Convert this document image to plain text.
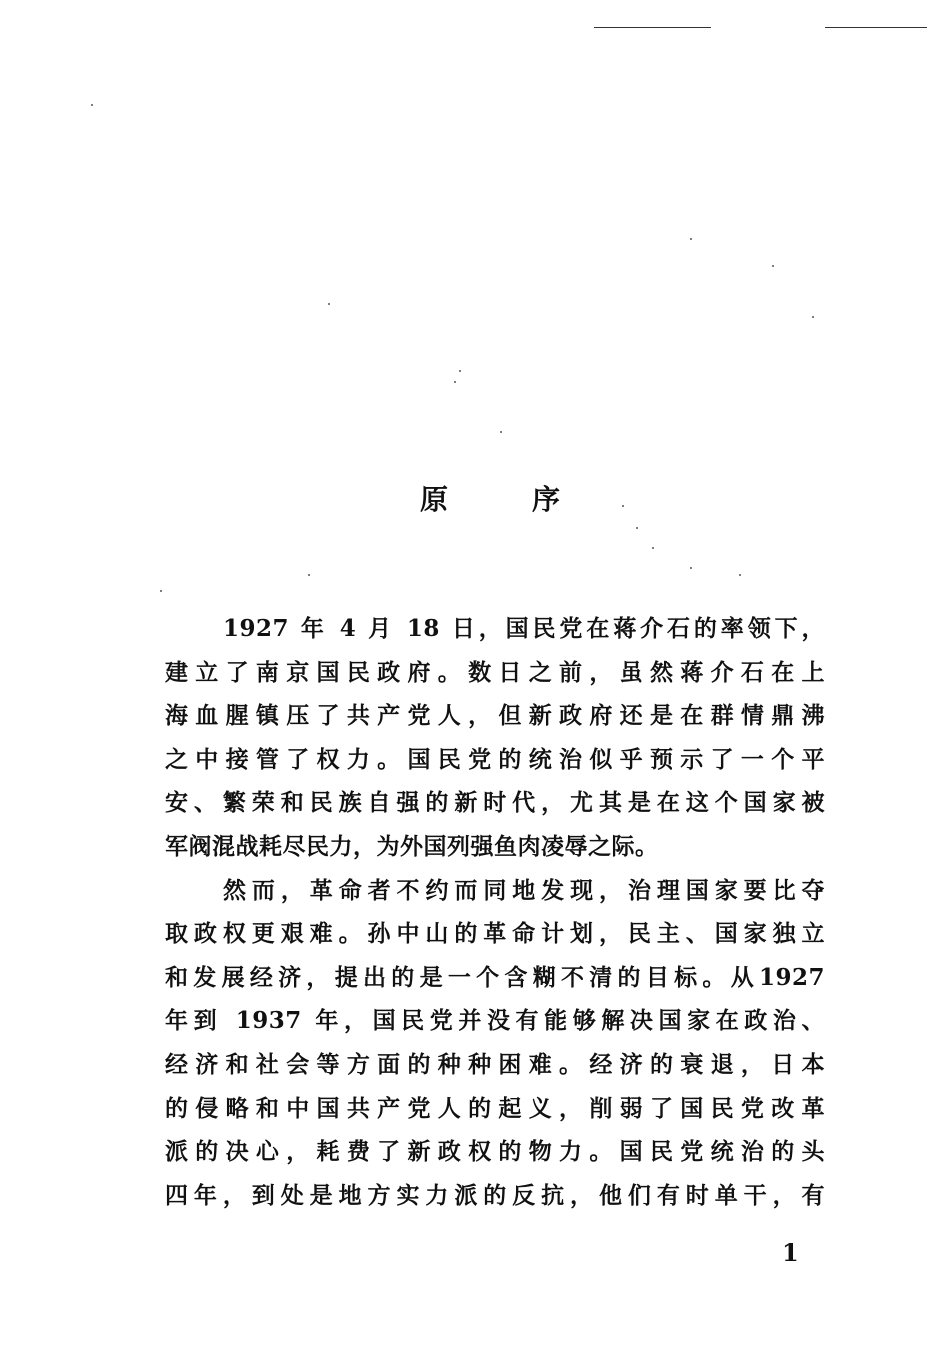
原	序
1927 年 4 月 18 日，国民党在蒋介石的率领下，
建立了南京国民政府。数日之前，虽然蒋介石在上
海血腥镇压了共产党人，但新政府还是在群情鼎沸
之中接管了权力。国民党的统治似乎预示了一个平
安、繁荣和民族自强的新时代，尤其是在这个国家被
军阀混战耗尽民力，为外国列强鱼肉凌辱之际。
然而，革命者不约而同地发现，治理国家要比夺
取政权更艰难。孙中山的革命计划，民主、国家独立
和发展经济，提出的是一个含糊不清的目标。从1927
年到 1937 年，国民党并没有能够解决国家在政治、
经济和社会等方面的种种困难。经济的衰退，日本
的侵略和中国共产党人的起义，削弱了国民党改革
派的决心，耗费了新政权的物力。国民党统治的头
四年，到处是地方实力派的反抗，他们有时单干，有
1
